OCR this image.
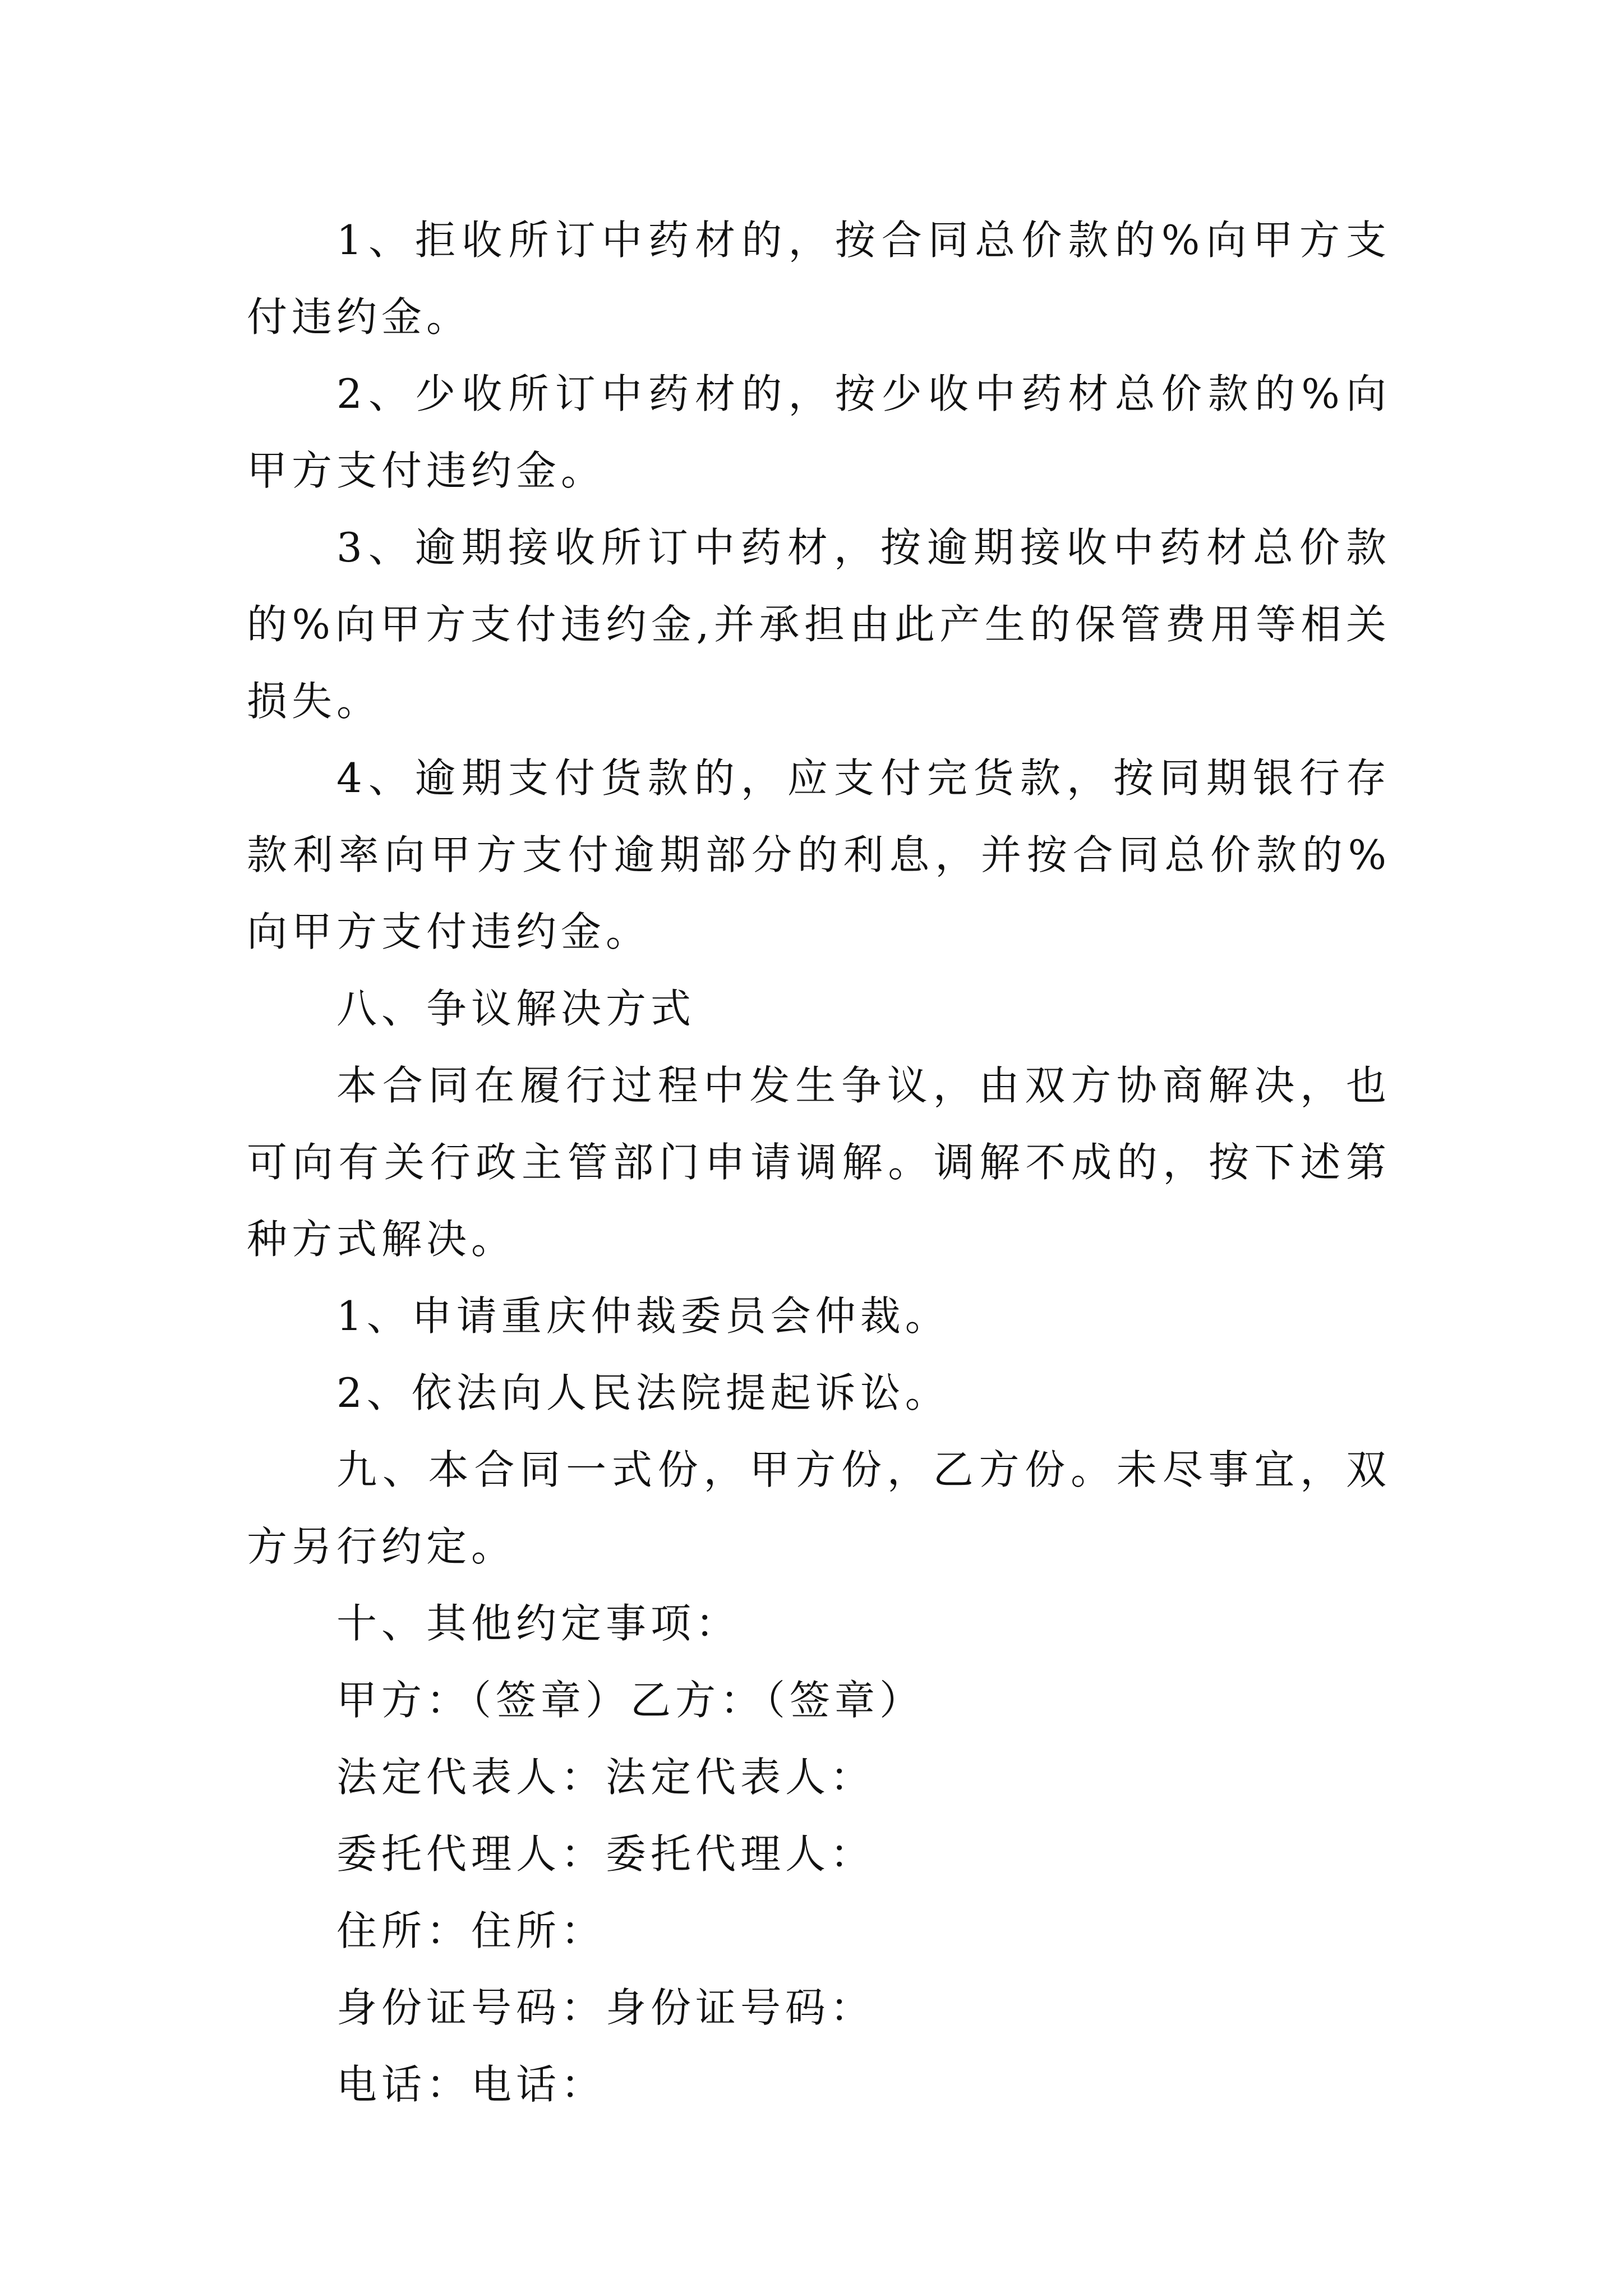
1、拒收所订中药材的，按合同总价款的%向甲方支付违约金。

2、少收所订中药材的，按少收中药材总价款的%向甲方支付违约金。

3、逾期接收所订中药材，按逾期接收中药材总价款的%向甲方支付违约金,并承担由此产生的保管费用等相关损失。

4、逾期支付货款的，应支付完货款，按同期银行存款利率向甲方支付逾期部分的利息，并按合同总价款的%向甲方支付违约金。

八、争议解决方式

本合同在履行过程中发生争议，由双方协商解决，也可向有关行政主管部门申请调解。调解不成的，按下述第种方式解决。

1、申请重庆仲裁委员会仲裁。

2、依法向人民法院提起诉讼。

九、本合同一式份，甲方份，乙方份。未尽事宜，双方另行约定。

十、其他约定事项：

甲方：（签章）乙方：（签章）

法定代表人：法定代表人：

委托代理人：委托代理人：

住所：住所：

身份证号码：身份证号码：

电话：电话：
